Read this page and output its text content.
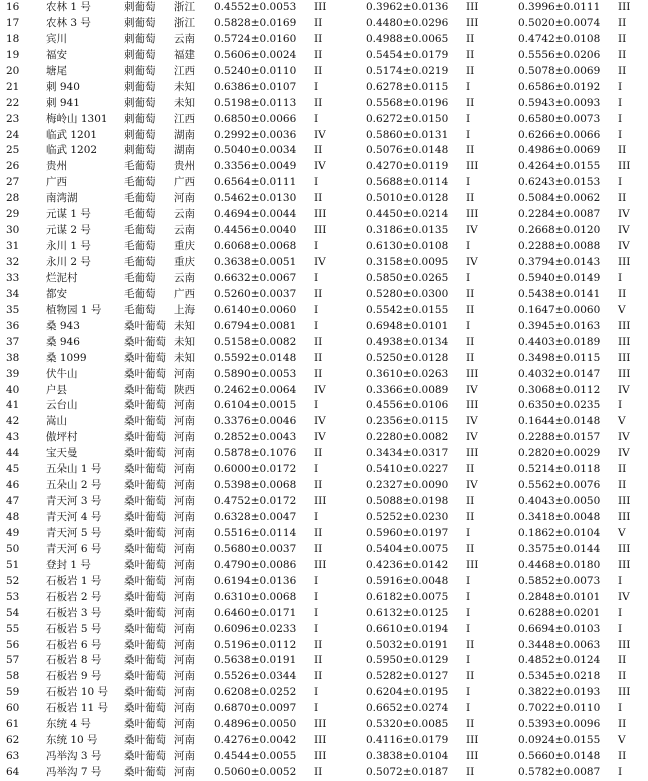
16	农林 1 号	刺葡萄	浙江	0.4552±0.0053	III	0.3962±0.0136	III	0.3996±0.0111	III
17	农林 3 号	刺葡萄	浙江	0.5828±0.0169	II	0.4480±0.0296	III	0.5020±0.0074	II
18	宾川	刺葡萄	云南	0.5724±0.0160	II	0.4988±0.0065	II	0.4742±0.0108	II
19	福安	刺葡萄	福建	0.5606±0.0024	II	0.5454±0.0179	II	0.5556±0.0206	II
20	塘尾	刺葡萄	江西	0.5240±0.0110	II	0.5174±0.0219	II	0.5078±0.0069	II
21	刺 940	刺葡萄	未知	0.6386±0.0107	I	0.6278±0.0115	I	0.6586±0.0192	I
22	刺 941	刺葡萄	未知	0.5198±0.0113	II	0.5568±0.0196	II	0.5943±0.0093	I
23	梅岭山 1301	刺葡萄	江西	0.6850±0.0066	I	0.6272±0.0150	I	0.6580±0.0073	I
24	临武 1201	刺葡萄	湖南	0.2992±0.0036	IV	0.5860±0.0131	I	0.6266±0.0066	I
25	临武 1202	刺葡萄	湖南	0.5040±0.0034	II	0.5076±0.0148	II	0.4986±0.0069	II
26	贵州	毛葡萄	贵州	0.3356±0.0049	IV	0.4270±0.0119	III	0.4264±0.0155	III
27	广西	毛葡萄	广西	0.6564±0.0111	I	0.5688±0.0114	I	0.6243±0.0153	I
28	南湾湖	毛葡萄	河南	0.5462±0.0130	II	0.5010±0.0128	II	0.5084±0.0062	II
29	元谋 1 号	毛葡萄	云南	0.4694±0.0044	III	0.4450±0.0214	III	0.2284±0.0087	IV
30	元谋 2 号	毛葡萄	云南	0.4456±0.0040	III	0.3186±0.0135	IV	0.2668±0.0120	IV
31	永川 1 号	毛葡萄	重庆	0.6068±0.0068	I	0.6130±0.0108	I	0.2288±0.0088	IV
32	永川 2 号	毛葡萄	重庆	0.3638±0.0051	IV	0.3158±0.0095	IV	0.3794±0.0143	III
33	烂泥村	毛葡萄	云南	0.6632±0.0067	I	0.5850±0.0265	I	0.5940±0.0149	I
34	都安	毛葡萄	广西	0.5260±0.0037	II	0.5280±0.0300	II	0.5438±0.0141	II
35	植物园 1 号	毛葡萄	上海	0.6140±0.0060	I	0.5542±0.0155	II	0.1647±0.0060	V
36	桑 943	桑叶葡萄	未知	0.6794±0.0081	I	0.6948±0.0101	I	0.3945±0.0163	III
37	桑 946	桑叶葡萄	未知	0.5158±0.0082	II	0.4938±0.0134	II	0.4403±0.0189	III
38	桑 1099	桑叶葡萄	未知	0.5592±0.0148	II	0.5250±0.0128	II	0.3498±0.0115	III
39	伏牛山	桑叶葡萄	河南	0.5890±0.0053	II	0.3610±0.0263	III	0.4032±0.0147	III
40	户县	桑叶葡萄	陕西	0.2462±0.0064	IV	0.3366±0.0089	IV	0.3068±0.0112	IV
41	云台山	桑叶葡萄	河南	0.6104±0.0015	I	0.4556±0.0106	III	0.6350±0.0235	I
42	嵩山	桑叶葡萄	河南	0.3376±0.0046	IV	0.2356±0.0115	IV	0.1644±0.0148	V
43	傲坪村	桑叶葡萄	河南	0.2852±0.0043	IV	0.2280±0.0082	IV	0.2288±0.0157	IV
44	宝天曼	桑叶葡萄	河南	0.5878±0.1076	II	0.3434±0.0317	III	0.2820±0.0029	IV
45	五朵山 1 号	桑叶葡萄	河南	0.6000±0.0172	I	0.5410±0.0227	II	0.5214±0.0118	II
46	五朵山 2 号	桑叶葡萄	河南	0.5398±0.0068	II	0.2327±0.0090	IV	0.5562±0.0076	II
47	青天河 3 号	桑叶葡萄	河南	0.4752±0.0172	III	0.5088±0.0198	II	0.4043±0.0050	III
48	青天河 4 号	桑叶葡萄	河南	0.6328±0.0047	I	0.5252±0.0230	II	0.3418±0.0048	III
49	青天河 5 号	桑叶葡萄	河南	0.5516±0.0114	II	0.5960±0.0197	I	0.1862±0.0104	V
50	青天河 6 号	桑叶葡萄	河南	0.5680±0.0037	II	0.5404±0.0075	II	0.3575±0.0144	III
51	登封 1 号	桑叶葡萄	河南	0.4790±0.0086	III	0.4236±0.0142	III	0.4468±0.0180	III
52	石板岩 1 号	桑叶葡萄	河南	0.6194±0.0136	I	0.5916±0.0048	I	0.5852±0.0073	I
53	石板岩 2 号	桑叶葡萄	河南	0.6310±0.0068	I	0.6182±0.0075	I	0.2848±0.0101	IV
54	石板岩 3 号	桑叶葡萄	河南	0.6460±0.0171	I	0.6132±0.0125	I	0.6288±0.0201	I
55	石板岩 5 号	桑叶葡萄	河南	0.6096±0.0233	I	0.6610±0.0194	I	0.6694±0.0103	I
56	石板岩 6 号	桑叶葡萄	河南	0.5196±0.0112	II	0.5032±0.0191	II	0.3448±0.0063	III
57	石板岩 8 号	桑叶葡萄	河南	0.5638±0.0191	II	0.5950±0.0129	I	0.4852±0.0124	II
58	石板岩 9 号	桑叶葡萄	河南	0.5526±0.0344	II	0.5282±0.0127	II	0.5345±0.0218	II
59	石板岩 10 号	桑叶葡萄	河南	0.6208±0.0252	I	0.6204±0.0195	I	0.3822±0.0193	III
60	石板岩 11 号	桑叶葡萄	河南	0.6870±0.0097	I	0.6652±0.0274	I	0.7022±0.0110	I
61	东统 4 号	桑叶葡萄	河南	0.4896±0.0050	III	0.5320±0.0085	II	0.5393±0.0096	II
62	东统 10 号	桑叶葡萄	河南	0.4276±0.0042	III	0.4116±0.0179	III	0.0924±0.0155	V
63	冯举沟 3 号	桑叶葡萄	河南	0.4544±0.0055	III	0.3838±0.0104	III	0.5660±0.0148	II
64	冯举沟 7 号	桑叶葡萄	河南	0.5060±0.0052	II	0.5072±0.0187	II	0.5782±0.0087	I
